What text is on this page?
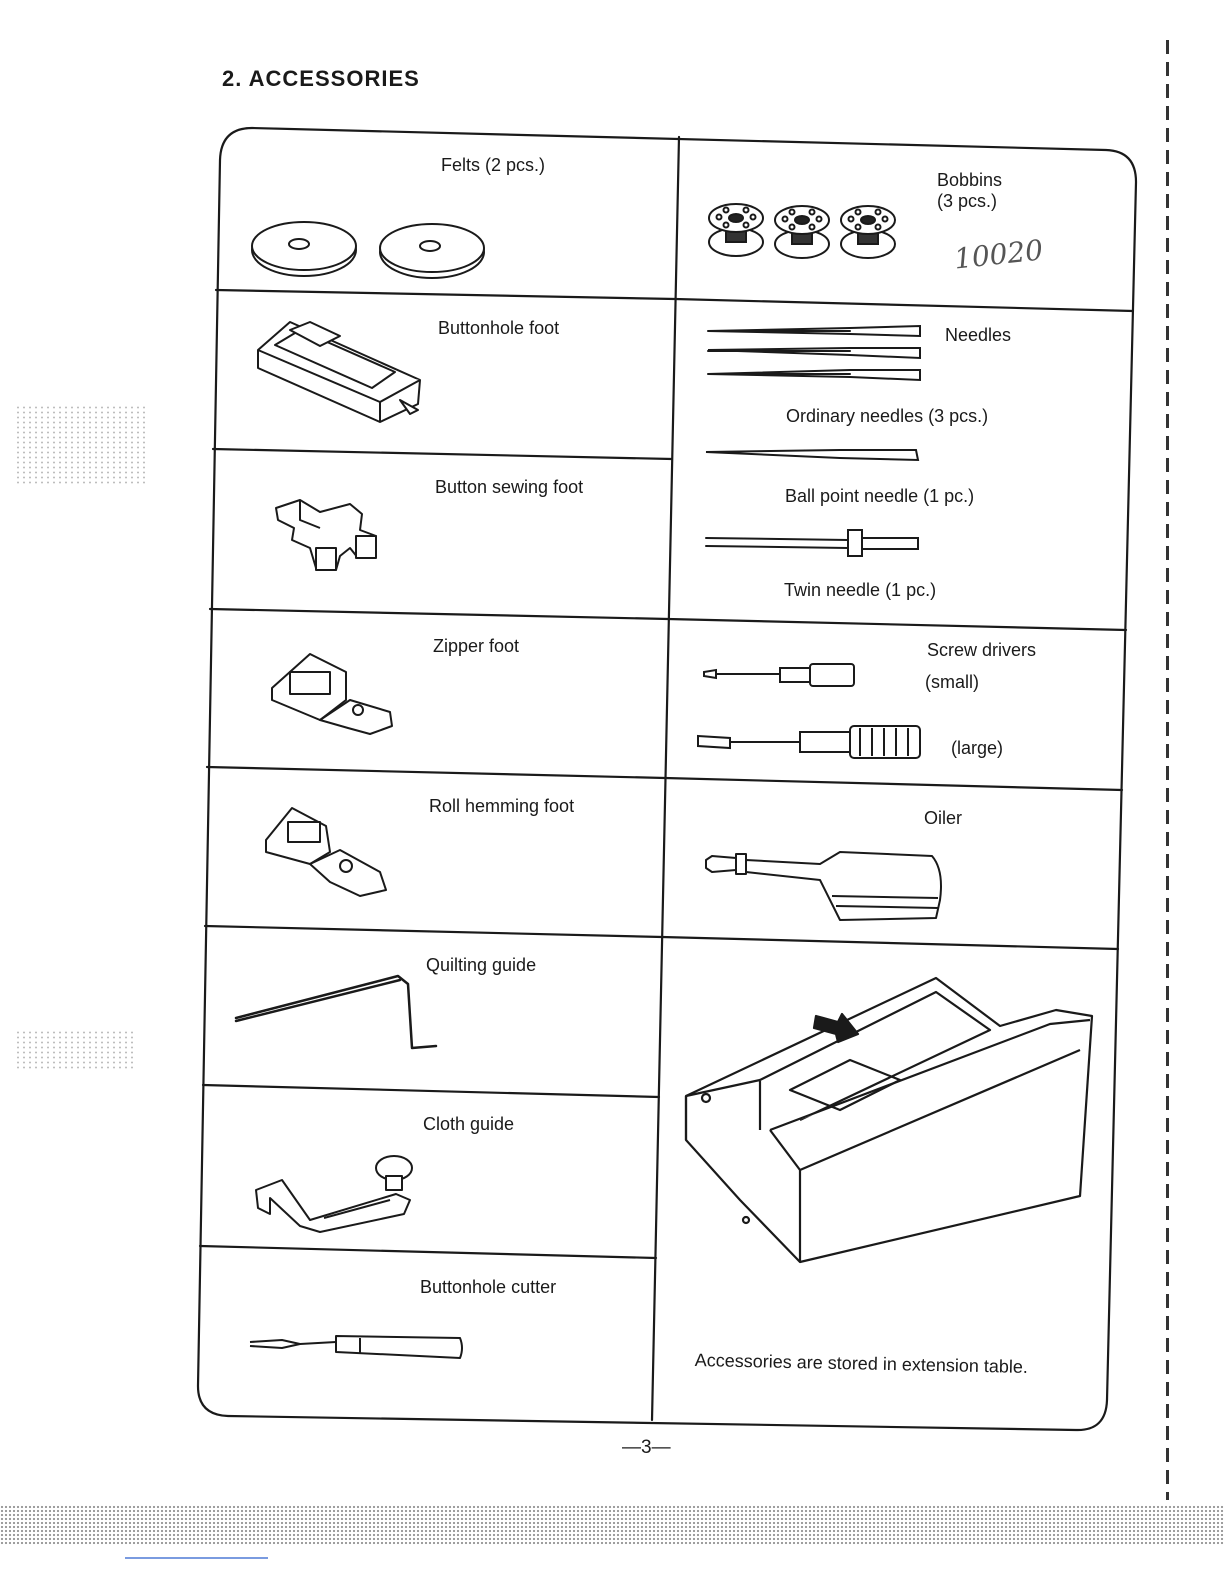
2. ACCESSORIES
Felts (2 pcs.)
Buttonhole foot
Button sewing foot
Zipper foot
Roll hemming foot
Quilting guide
Cloth guide
Buttonhole cutter
Bobbins
(3 pcs.)
10020
Needles
Ordinary needles (3 pcs.)
Ball point needle (1 pc.)
Twin needle (1 pc.)
Screw drivers
(small)
(large)
Oiler
Accessories are stored in extension table.
—3—
